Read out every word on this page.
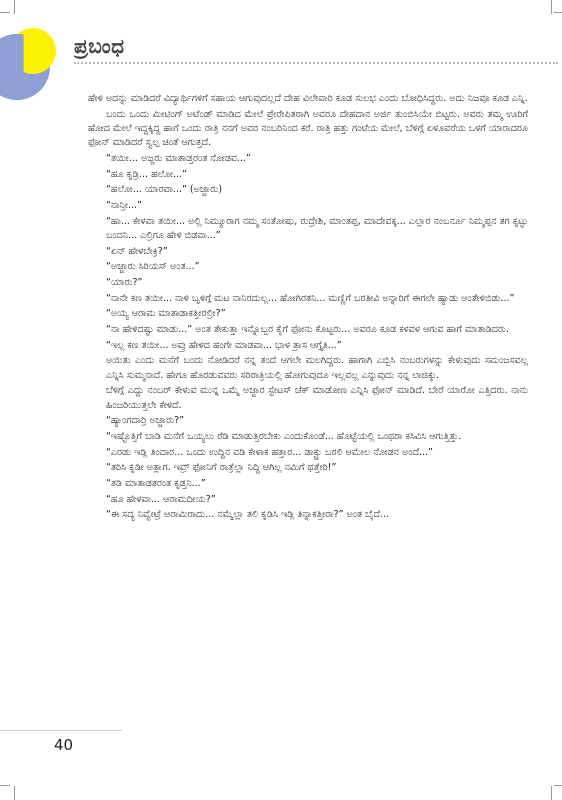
ಪ್ರಬಂಧ

ಹೇಳಿ ಅದನ್ನು ಮಾಡಿದರೆ ವಿದ್ಯಾರ್ಥಿಗಳಿಗೆ ಸಹಾಯ ಆಗುವುದಲ್ಲದೆ ದೇಹ ವಿಲೇವಾರಿ ಕೂಡ ಸುಲಭ ಎಂದು ಬೋಧಿಸಿದ್ದರು. ಅದು ನಿಜವೂ ಕೂಡ ಎನ್ನಿ.

ಬಂದು ಒಂದು ಮೀಟಿಂಗ್ ಅಟೆಂಡ್ ಮಾಡಿದ ಮೇಲೆ ಪ್ರೇರೇಪಿತರಾಗಿ ಅವರೂ ದೇಹದಾನ ಅರ್ಜಿ ತುಂಬಿಸಿಯೇ ಬಿಟ್ಟರು. ಅವರು ತಮ್ಮ ಊರಿಗೆ ಹೋದ ಮೇಲೆ ಇದ್ದಕ್ಕಿದ್ದ ಹಾಗೆ ಒಂದು ರಾತ್ರಿ ನನಗೆ ಅವರ ನಂಬರಿನಿಂದ ಕರೆ. ರಾತ್ರಿ ಹತ್ತು ಗಂಟೆಯ ಮೇಲೆ, ಬೆಳಿಗ್ಗೆ ಏಳೂವರೆಯ ಒಳಗೆ ಯಾರಾದರೂ ಫೋನ್ ಮಾಡಿದರೆ ಸ್ವಲ್ಪ ಚಿಂತೆ ಆಗುತ್ತದೆ.

“ತಯೀ... ಅಜ್ಜರು ಮಾತಾಡ್ತರಂತ ನೋಡವ...”

“ಹೂ ಕೃಡ್ರಿ... ಹಲೋ...”

“ಹಲೋ... ಯಾರವಾ...” (ಅಜ್ಜಾರು)

“ನಾನ್ರೀ...”

“ಹಾ... ಕೇಳವಾ ತಯೀ... ಅಲ್ಲಿ ನಿಮ್ಮೂರಾಗ ನಮ್ಮ ಸಂತೋಷು, ರುದ್ರೇಶಿ, ಮಾಂತಪ್ಪ, ಮಾದೇವಕ್ಕ... ಎಲ್ಲಾರ ನಂಬರ್ನೂ ನಿಮ್ಮಪ್ಪನ ತಗ ಕೃಟ್ಟು ಬಂದನಿ... ಎಲ್ರಿಗೂ ಹೇಳಿ ಬಿಡವಾ...”

“ಏನ್ ಹೇಳಬೇಕ್ರಿ?”

“ಅಜ್ಜಾರು ಸಿರಿಯಸ್ ಅಂತ...”

“ಯಾರು?”

“ನಾನೇ ಕಣ ತಯೀ... ನಾಳಿ ಬೃಳಿಗ್ಗೆ ಮಟ ನಾನಿರದುಲ್ಲ... ಹೋಗಿರತನಿ... ಮಣ್ಣಿಗೆ ಬರತೀವಿ ಅನ್ನಾರಿಗೆ ಈಗಲೇ ಹ್ಯಾಡು ಅಂತೇಳಿಬಿಡು...”

“ಅಯ್ಯ ಆರಾಮ ಮಾತಾಡಾಕತ್ತೀರಲ್ರೀ?”

“ನಾ ಹೇಳಿದಷ್ಟು ಮಾಡು...” ಅಂತ ತೇಕುತ್ತಾ ಇನ್ನೊಬ್ಬರ ಕೈಗೆ ಫೋನು ಕೊಟ್ಟರು... ಅವರೂ ಕೂಡ ಕಳವಳ ಆಗುವ ಹಾಗೆ ಮಾತಾಡಿದರು.

“ಇಲ್ಲ ಕಣ ತಯೀ... ಅವ್ರು ಹೇಳಿದ ಹಂಗೇ ಮಾಡವಾ... ಭಾಳ ತ್ರಾಸ ಆಗ್ತೈತಿ...”

ಅಯಿತು ಎಂದು ಮನೆಗೆ ಬಂದು ನೋಡಿದರೆ ನನ್ನ ತಂದೆ ಆಗಲೇ ಮಲಗಿದ್ದರು. ಹಾಗಾಗಿ ಎಬ್ಬಿಸಿ ನಂಬರುಗಳನ್ನು ಕೇಳುವುದು ಸಮಂಜಸವಲ್ಲ ಎನ್ನಿಸಿ ಸುಮ್ಮನಾದೆ. ಹೇಗೂ ಹೊರಡುವವರು ಸರಿರಾತ್ರಿಯಲ್ಲಿ ಹೋಗುವುದೂ ಇಲ್ಲವಲ್ಲ ಎನ್ನುವುದು ನನ್ನ ಲಾಜಿಕ್ಕು.

ಬೆಳಿಗ್ಗೆ ಎದ್ದು ನಂಬರ್ ಕೇಳುವ ಮುನ್ನ ಒಮ್ಮೆ ಅಜ್ಜಾರ ಸ್ಟೇಟಸ್ ಚೆಕ್ ಮಾಡೋಣ ಎನ್ನಿಸಿ ಫೋನ್ ಮಾಡಿದೆ. ಬೇರೆ ಯಾರೋ ಎತ್ತಿದರು. ನಾನು ಹಿಂಜರಿಯುತ್ತಲೇ ಕೇಳಿದೆ.

“ಹ್ಯಾಂಗದಾರ್ರಿ ಅಜ್ಜಾರು?”

“ಇಷ್ಟೊತ್ತಿಗೆ ಬಾಡಿ ಮನೆಗೆ ಒಯ್ಯಲು ರೆಡಿ ಮಾಡುತ್ತಿರಬೇಕು ಎಂದುಕೊಂಡೆ... ಹೊಟ್ಟೆಯಲ್ಲಿ ಒಂಥರಾ ಕಸಿವಿಸಿ ಆಗುತ್ತಿತ್ತು.

“ಎರಡು ಇಡ್ಲಿ ತಿಂದಾರ... ಒಂದು ಉದ್ದಿನ ವಡಿ ಕೇಳಾಕ ಹತ್ತಾರ... ಡಾಕ್ಟ್ರು ಬರಲಿ ಆಮೇಲ ನೋಡನ ಅಂದೆ...”

“ತರಿಸಿ ಕೃಡೀ ಅತ್ಲಾಗ. ಇವ್ರ್ ಫೋನಿಗೆ ರಾತ್ರೆಲ್ಲಾ ನಿದ್ದಿ ಆಗಿಲ್ಲ ನಮಿಗೆ ಥತ್ತೇರಿ!”

“ತಡಿ ಮಾತಾಡತರಂತ ಕೃಡ್ತನಿ...”

“ಹೂ ಹೇಳವಾ... ಆರಾಮದೀಯ?”

“ಈ ಸದ್ಯ ನಿವ್ವೇಟ್ರೆ ಆರಾಮಿರಾದು... ನಮ್ಮೆಲ್ಲಾ ತಲಿ ಕೃಡಿಸಿ ಇಡ್ಲಿ ತಿನ್ನಾಕತ್ತೀರಾ?” ಅಂತ ಬೈದೆ...

40
